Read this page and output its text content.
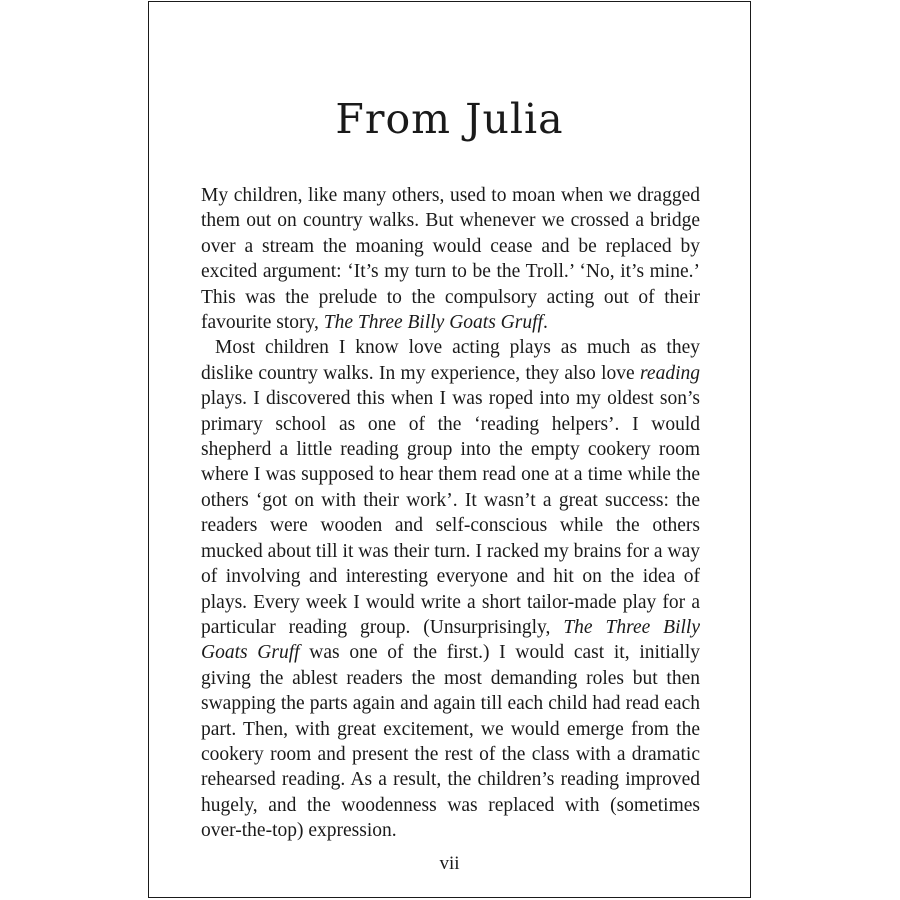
From Julia

My children, like many others, used to moan when we dragged them out on country walks. But whenever we crossed a bridge over a stream the moaning would cease and be replaced by excited argument: ‘It’s my turn to be the Troll.’ ‘No, it’s mine.’ This was the prelude to the compulsory acting out of their favourite story, The Three Billy Goats Gruff.

Most children I know love acting plays as much as they dislike country walks. In my experience, they also love reading plays. I discovered this when I was roped into my oldest son’s primary school as one of the ‘reading helpers’. I would shepherd a little reading group into the empty cookery room where I was supposed to hear them read one at a time while the others ‘got on with their work’. It wasn’t a great success: the readers were wooden and self-conscious while the others mucked about till it was their turn. I racked my brains for a way of involving and interesting everyone and hit on the idea of plays. Every week I would write a short tailor-made play for a particular reading group. (Unsurprisingly, The Three Billy Goats Gruff was one of the first.) I would cast it, initially giving the ablest readers the most demanding roles but then swapping the parts again and again till each child had read each part. Then, with great excitement, we would emerge from the cookery room and present the rest of the class with a dramatic rehearsed reading. As a result, the children’s reading improved hugely, and the woodenness was replaced with (sometimes over-the-top) expression.

vii
